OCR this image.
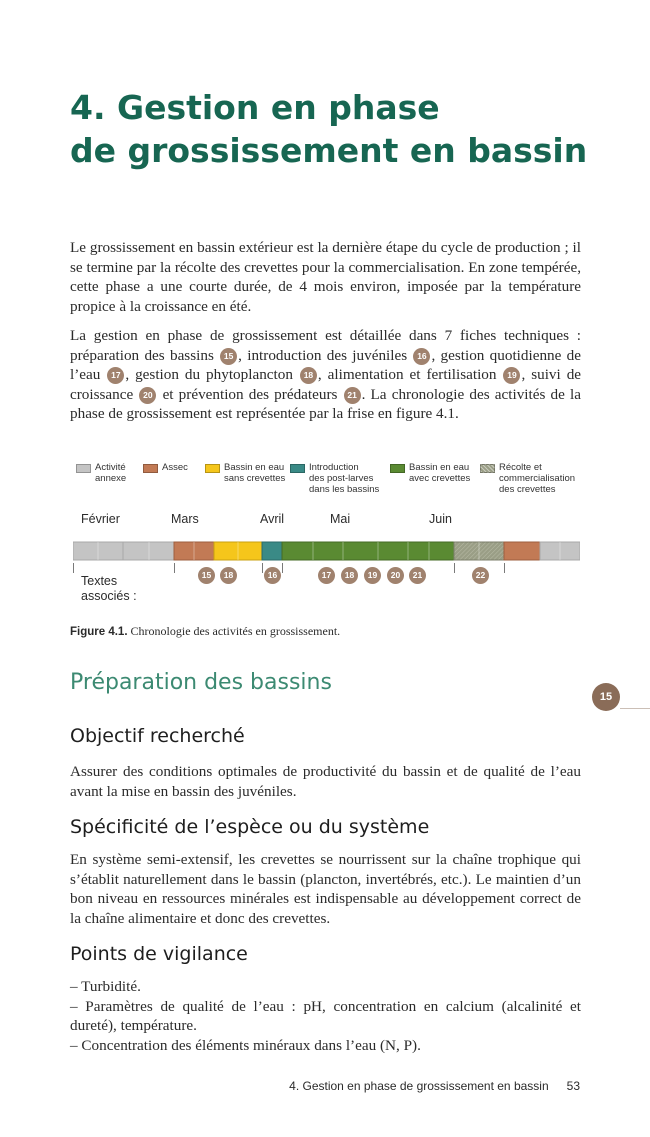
4. Gestion en phase
de grossissement en bassin

Le grossissement en bassin extérieur est la dernière étape du cycle de production ; il se termine par la récolte des crevettes pour la commercialisation. En zone tempérée, cette phase a une courte durée, de 4 mois environ, imposée par la température propice à la croissance en été.

La gestion en phase de grossissement est détaillée dans 7 fiches techniques : préparation des bassins 15 , introduction des juvéniles 16 , gestion quotidienne de l’eau 17 , gestion du phytoplancton 18 , alimentation et fertilisation 19 , suivi de croissance 20 et prévention des prédateurs 21 . La chronologie des activités de la phase de grossissement est représentée par la frise en figure 4.1.

Activité
annexe
Assec	Bassin en eau
sans crevettes
Introduction
des post-larves
dans les bassins
Bassin en eau
avec crevettes
Récolte et
commercialisation
des crevettes
Février	Mars	Avril	Mai	Juin

Textes
associés :

15	18	16	17	18	19	20	21	22

Figure 4.1. Chronologie des activités en grossissement.

Préparation des bassins
15
Objectif recherché

Assurer des conditions optimales de productivité du bassin et de qualité de l’eau avant la mise en bassin des juvéniles.

Spécificité de l’espèce ou du système

En système semi-extensif, les crevettes se nourrissent sur la chaîne trophique qui s’établit naturellement dans le bassin (plancton, invertébrés, etc.). Le maintien d’un bon niveau en ressources minérales est indispensable au développement correct de la chaîne alimentaire et donc des crevettes.

Points de vigilance
– Turbidité.
– Paramètres de qualité de l’eau : pH, concentration en calcium (alcalinité et dureté), température.
– Concentration des éléments minéraux dans l’eau (N, P).
4. Gestion en phase de grossissement en bassin 53
